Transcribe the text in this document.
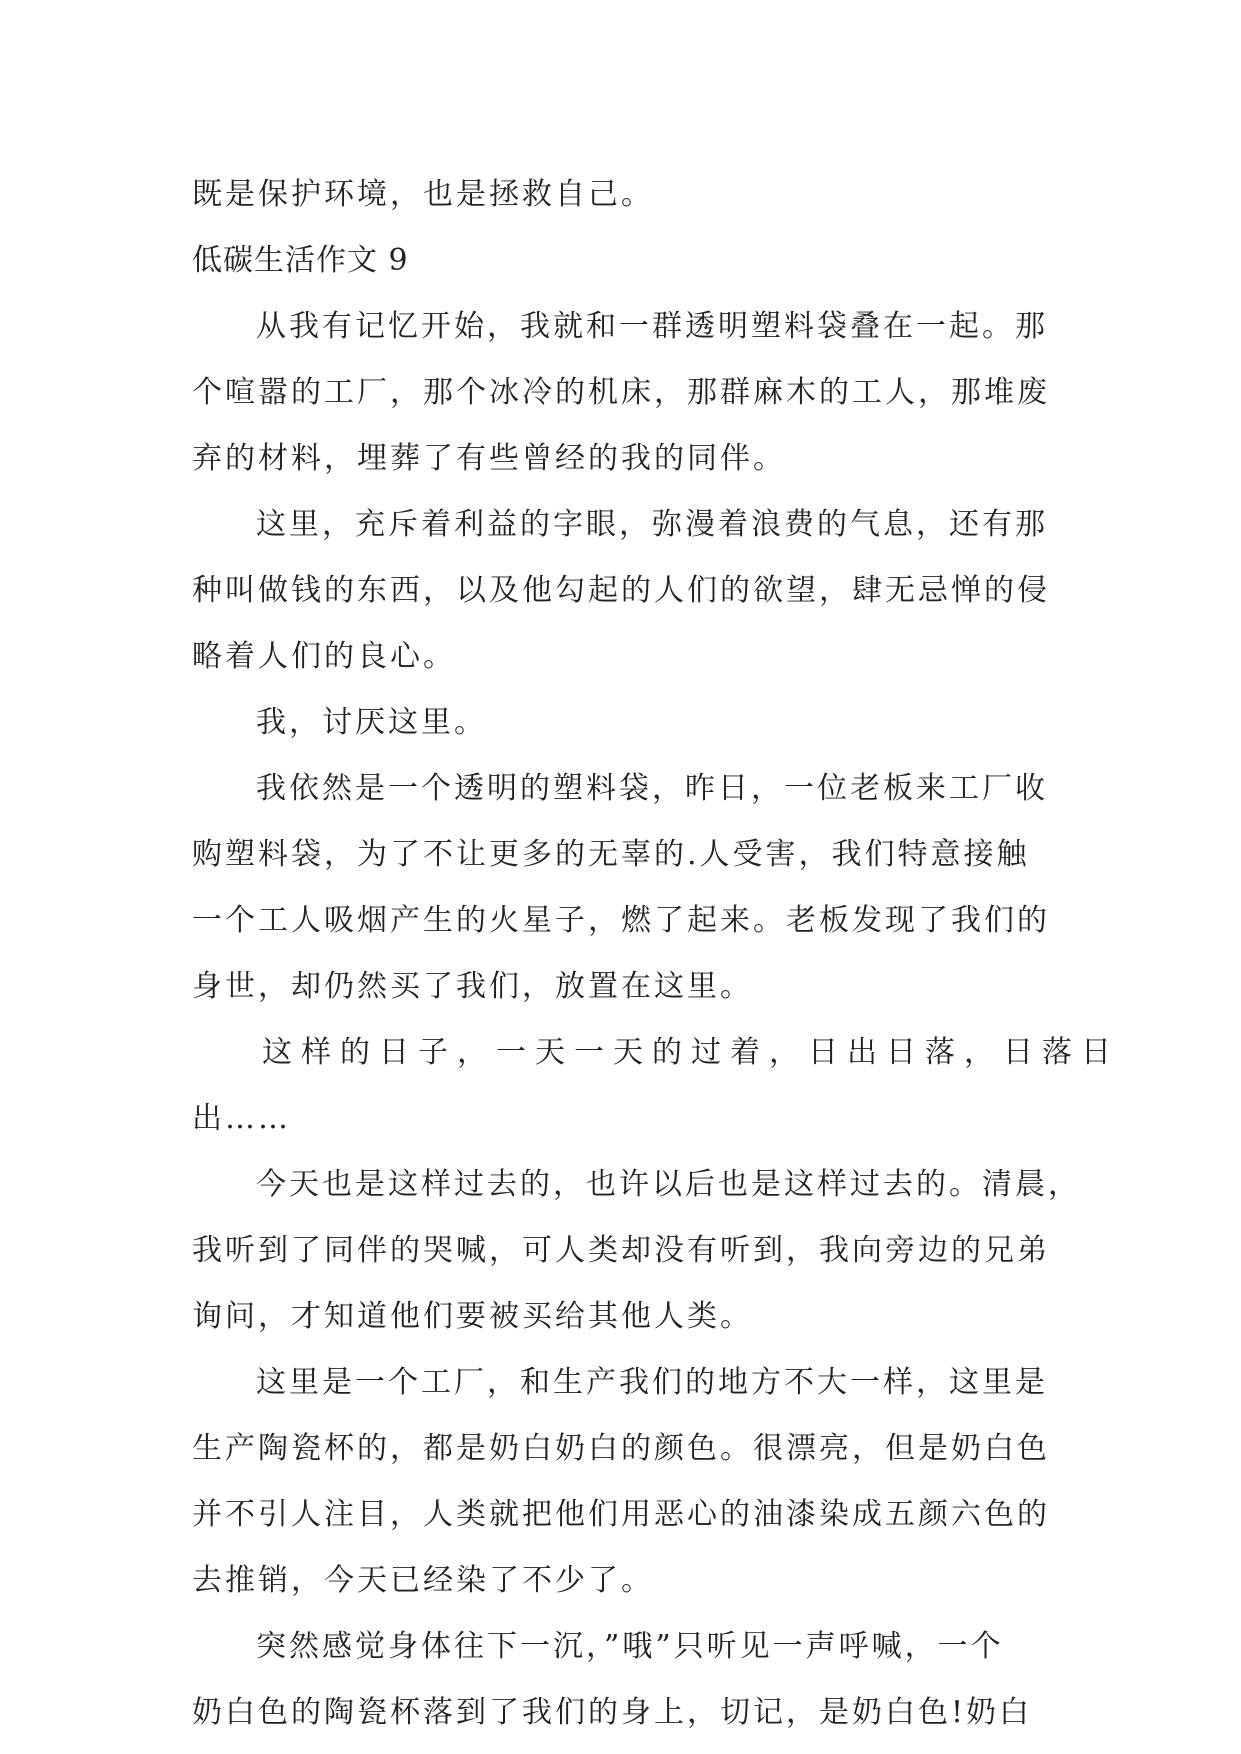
既是保护环境，也是拯救自己。
低碳生活作文 9
从我有记忆开始，我就和一群透明塑料袋叠在一起。那
个喧嚣的工厂，那个冰冷的机床，那群麻木的工人，那堆废
弃的材料，埋葬了有些曾经的我的同伴。
这里，充斥着利益的字眼，弥漫着浪费的气息，还有那
种叫做钱的东西，以及他勾起的人们的欲望，肆无忌惮的侵
略着人们的良心。
我，讨厌这里。
我依然是一个透明的塑料袋，昨日，一位老板来工厂收
购塑料袋，为了不让更多的无辜的.人受害，我们特意接触
一个工人吸烟产生的火星子，燃了起来。老板发现了我们的
身世，却仍然买了我们，放置在这里。
这样的日子，一天一天的过着，日出日落，日落日
出……
今天也是这样过去的，也许以后也是这样过去的。清晨，
我听到了同伴的哭喊，可人类却没有听到，我向旁边的兄弟
询问，才知道他们要被买给其他人类。
这里是一个工厂，和生产我们的地方不大一样，这里是
生产陶瓷杯的，都是奶白奶白的颜色。很漂亮，但是奶白色
并不引人注目，人类就把他们用恶心的油漆染成五颜六色的
去推销，今天已经染了不少了。
突然感觉身体往下一沉，”哦”只听见一声呼喊，一个
奶白色的陶瓷杯落到了我们的身上，切记，是奶白色!奶白
